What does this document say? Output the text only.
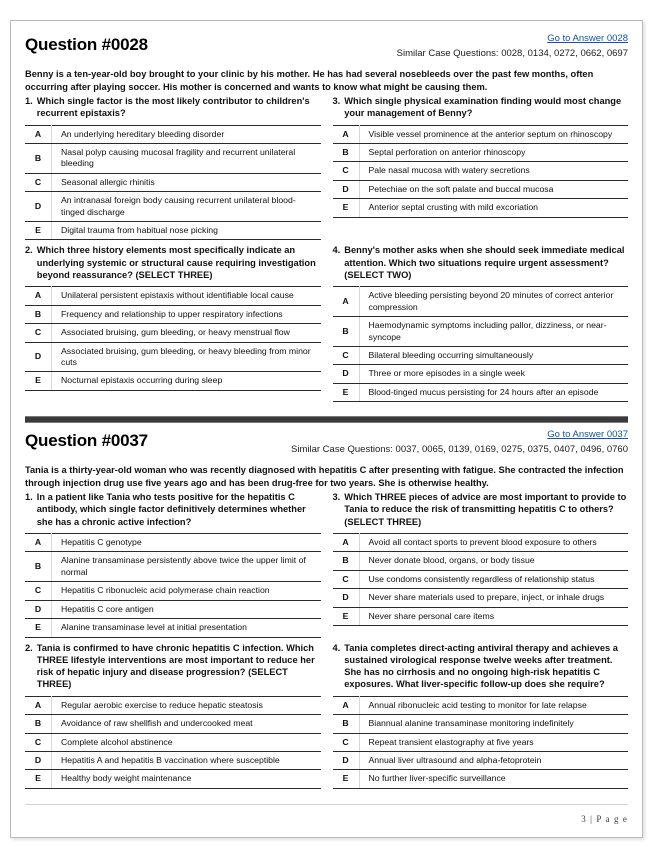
Question #0028	Go to Answer 0028
Similar Case Questions: 0028, 0134, 0272, 0662, 0697
Benny is a ten-year-old boy brought to your clinic by his mother. He has had several nosebleeds over the past few months, often occurring after playing soccer. His mother is concerned and wants to know what might be causing them.
1. Which single factor is the most likely contributor to children's recurrent epistaxis?
A	An underlying hereditary bleeding disorder
B	Nasal polyp causing mucosal fragility and recurrent unilateral bleeding
C	Seasonal allergic rhinitis
D	An intranasal foreign body causing recurrent unilateral blood-tinged discharge
E	Digital trauma from habitual nose picking
3. Which single physical examination finding would most change your management of Benny?
A	Visible vessel prominence at the anterior septum on rhinoscopy
B	Septal perforation on anterior rhinoscopy
C	Pale nasal mucosa with watery secretions
D	Petechiae on the soft palate and buccal mucosa
E	Anterior septal crusting with mild excoriation
2. Which three history elements most specifically indicate an underlying systemic or structural cause requiring investigation beyond reassurance? (SELECT THREE)
A	Unilateral persistent epistaxis without identifiable local cause
B	Frequency and relationship to upper respiratory infections
C	Associated bruising, gum bleeding, or heavy menstrual flow
D	Associated bruising, gum bleeding, or heavy bleeding from minor cuts
E	Nocturnal epistaxis occurring during sleep
4. Benny's mother asks when she should seek immediate medical attention. Which two situations require urgent assessment? (SELECT TWO)
A	Active bleeding persisting beyond 20 minutes of correct anterior compression
B	Haemodynamic symptoms including pallor, dizziness, or near-syncope
C	Bilateral bleeding occurring simultaneously
D	Three or more episodes in a single week
E	Blood-tinged mucus persisting for 24 hours after an episode
Question #0037	Go to Answer 0037
Similar Case Questions: 0037, 0065, 0139, 0169, 0275, 0375, 0407, 0496, 0760
Tania is a thirty-year-old woman who was recently diagnosed with hepatitis C after presenting with fatigue. She contracted the infection through injection drug use five years ago and has been drug-free for two years. She is otherwise healthy.
1. In a patient like Tania who tests positive for the hepatitis C antibody, which single factor definitively determines whether she has a chronic active infection?
A	Hepatitis C genotype
B	Alanine transaminase persistently above twice the upper limit of normal
C	Hepatitis C ribonucleic acid polymerase chain reaction
D	Hepatitis C core antigen
E	Alanine transaminase level at initial presentation
3. Which THREE pieces of advice are most important to provide to Tania to reduce the risk of transmitting hepatitis C to others? (SELECT THREE)
A	Avoid all contact sports to prevent blood exposure to others
B	Never donate blood, organs, or body tissue
C	Use condoms consistently regardless of relationship status
D	Never share materials used to prepare, inject, or inhale drugs
E	Never share personal care items
2. Tania is confirmed to have chronic hepatitis C infection. Which THREE lifestyle interventions are most important to reduce her risk of hepatic injury and disease progression? (SELECT THREE)
A	Regular aerobic exercise to reduce hepatic steatosis
B	Avoidance of raw shellfish and undercooked meat
C	Complete alcohol abstinence
D	Hepatitis A and hepatitis B vaccination where susceptible
E	Healthy body weight maintenance
4. Tania completes direct-acting antiviral therapy and achieves a sustained virological response twelve weeks after treatment. She has no cirrhosis and no ongoing high-risk hepatitis C exposures. What liver-specific follow-up does she require?
A	Annual ribonucleic acid testing to monitor for late relapse
B	Biannual alanine transaminase monitoring indefinitely
C	Repeat transient elastography at five years
D	Annual liver ultrasound and alpha-fetoprotein
E	No further liver-specific surveillance
3 | P a g e
